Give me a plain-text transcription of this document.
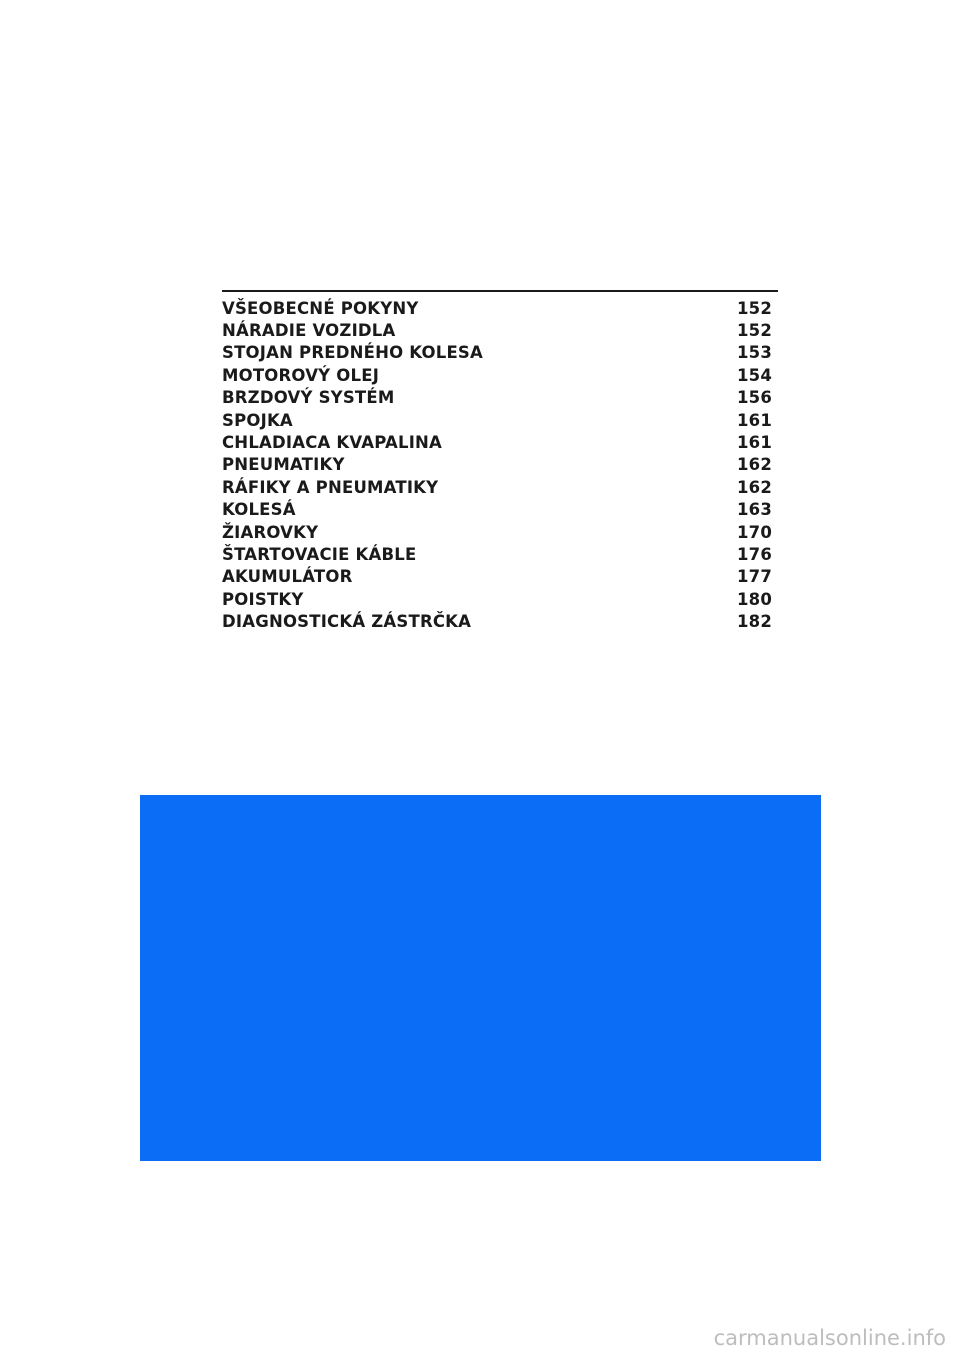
VŠEOBECNÉ POKYNY	152
NÁRADIE VOZIDLA	152
STOJAN PREDNÉHO KOLESA	153
MOTOROVÝ OLEJ	154
BRZDOVÝ SYSTÉM	156
SPOJKA	161
CHLADIACA KVAPALINA	161
PNEUMATIKY	162
RÁFIKY A PNEUMATIKY	162
KOLESÁ	163
ŽIAROVKY	170
ŠTARTOVACIE KÁBLE	176
AKUMULÁTOR	177
POISTKY	180
DIAGNOSTICKÁ ZÁSTRČKA	182
carmanualsonline.info
